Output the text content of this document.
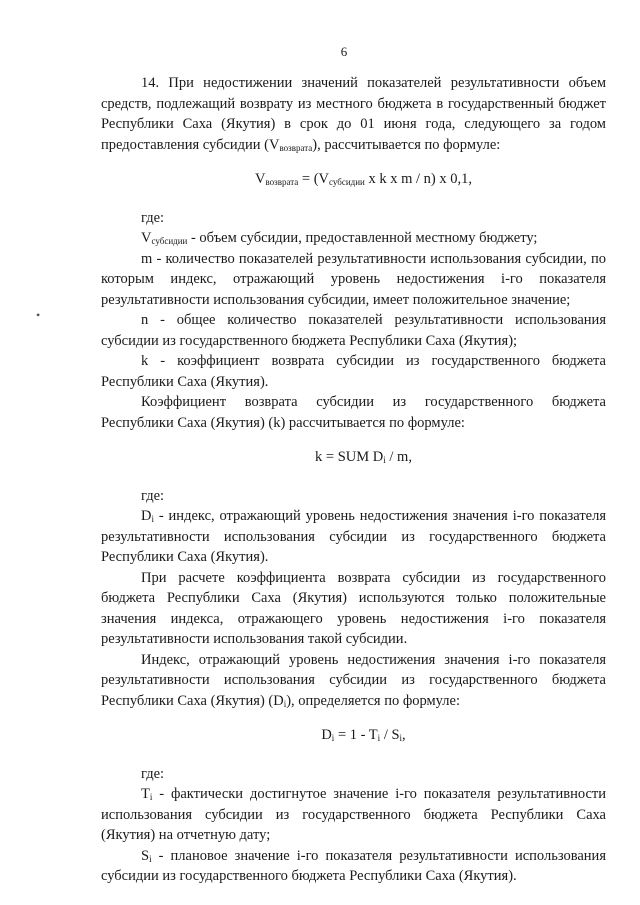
6
•

14. При недостижении значений показателей результативности объем средств, подлежащий возврату из местного бюджета в государственный бюджет Республики Саха (Якутия) в срок до 01 июня года, следующего за годом предоставления субсидии $(V_{возврата})$, рассчитывается по формуле:

$V_{возврата} = (V_{субсидии}$ x k x m / n) x 0,1,

где:

$V_{субсидии}$ - объем субсидии, предоставленной местному бюджету;

m - количество показателей результативности использования субсидии, по которым индекс, отражающий уровень недостижения i-го показателя результативности использования субсидии, имеет положительное значение;

n - общее количество показателей результативности использования субсидии из государственного бюджета Республики Саха (Якутия);

k - коэффициент возврата субсидии из государственного бюджета Республики Саха (Якутия).

Коэффициент возврата субсидии из государственного бюджета Республики Саха (Якутия) (k) рассчитывается по формуле:

k = SUM $D_i$ / m,

где:

$D_i$ - индекс, отражающий уровень недостижения значения i-го показателя результативности использования субсидии из государственного бюджета Республики Саха (Якутия).

При расчете коэффициента возврата субсидии из государственного бюджета Республики Саха (Якутия) используются только положительные значения индекса, отражающего уровень недостижения i-го показателя результативности использования такой субсидии.

Индекс, отражающий уровень недостижения значения i-го показателя результативности использования субсидии из государственного бюджета Республики Саха (Якутия) $(D_i)$, определяется по формуле:

$D_i = 1 - T_i / S_i$,

где:

$T_i$ - фактически достигнутое значение i-го показателя результативности использования субсидии из государственного бюджета Республики Саха (Якутия) на отчетную дату;

$S_i$ - плановое значение i-го показателя результативности использования субсидии из государственного бюджета Республики Саха (Якутия).
